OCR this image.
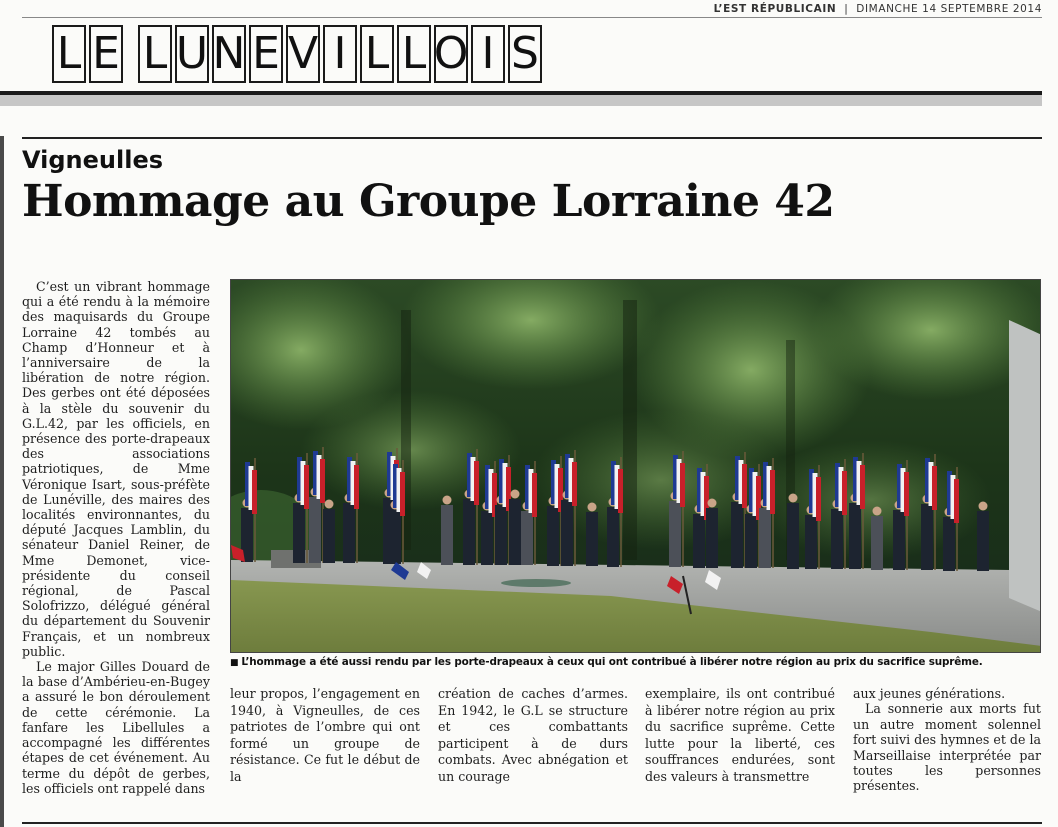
L’EST RÉPUBLICAIN | DIMANCHE 14 SEPTEMBRE 2014
L E L U N E V I L L O I S
Vigneulles
Hommage au Groupe Lorraine 42

C’est un vibrant hommage qui a été rendu à la mémoire des maquisards du Groupe Lorraine 42 tombés au Champ d’Honneur et à l’anniversaire de la libération de notre région. Des gerbes ont été déposées à la stèle du souvenir du G.L.42, par les officiels, en présence des porte-drapeaux des associations patriotiques, de Mme Véronique Isart, sous-préfète de Lunéville, des maires des localités environnantes, du député Jacques Lamblin, du sénateur Daniel Reiner, de Mme Demonet, vice-présidente du conseil régional, de Pascal Solofrizzo, délégué général du département du Souvenir Français, et un nombreux public.

Le major Gilles Douard de la base d’Ambérieu-en-Bugey a assuré le bon déroulement de cette cérémonie. La fanfare les Libellules a accompagné les différentes étapes de cet événement. Au terme du dépôt de gerbes, les officiels ont rappelé dans

■ L’hommage a été aussi rendu par les porte-drapeaux à ceux qui ont contribué à libérer notre région au prix du sacrifice suprême.

leur propos, l’engagement en 1940, à Vigneulles, de ces patriotes de l’ombre qui ont formé un groupe de résistance. Ce fut le début de la

création de caches d’armes. En 1942, le G.L se structure et ces combattants participent à de durs combats. Avec abnégation et un courage

exemplaire, ils ont contribué à libérer notre région au prix du sacrifice suprême. Cette lutte pour la liberté, ces souffrances endurées, sont des valeurs à transmettre

aux jeunes générations.

La sonnerie aux morts fut un autre moment solennel fort suivi des hymnes et de la Marseillaise interprétée par toutes les personnes présentes.
